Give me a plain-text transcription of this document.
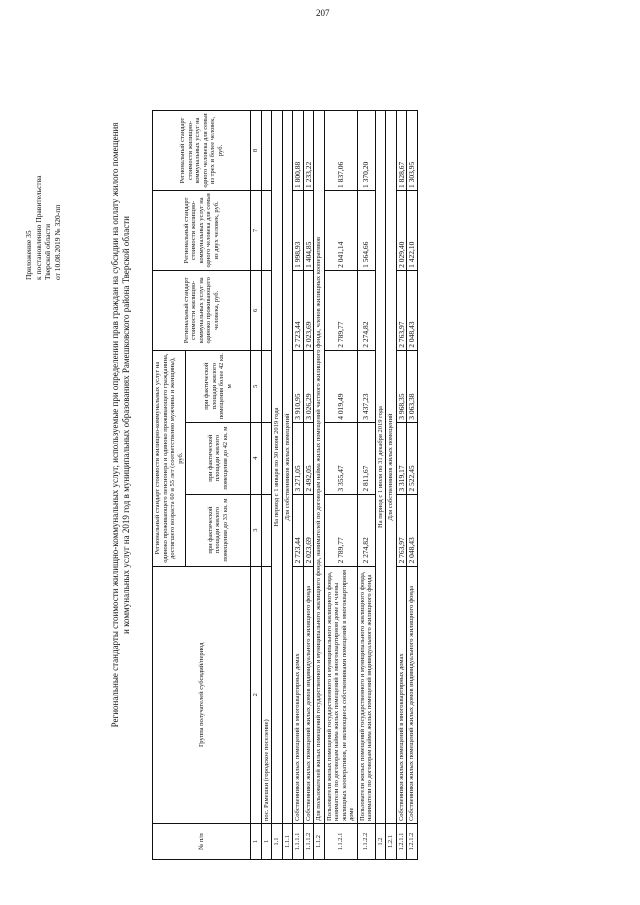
207
Приложение 35 к постановлению Правительства Тверской области от 10.08.2019 № 320-пп	Региональные стандарты стоимости жилищно-коммунальных услуг, используемые при определении прав граждан на субсидии на оплату жилого помещения и коммунальных услуг на 2019 год в муниципальных образованиях Рамешковского района Тверской области
№ п/п	Группа получателей субсидий/период	Региональный стандарт стоимости жилищно-коммунальных услуг на одиноко проживающего пенсионера и одиноко проживающего гражданина, достигшего возраста 60 и 55 лет (соответственно мужчины и женщины), руб.			Региональный стандарт стоимости жилищно-коммунальных услуг на одиноко проживающего человека, руб.	Региональный стандарт стоимости жилищно-коммунальных услуг на одного человека для семьи из двух человек, руб.	Региональный стандарт стоимости жилищно-коммунальных услуг на одного человека для семьи из трех и более человек, руб.
		при фактической площади жилого помещения до 33 кв. м	при фактической площади жилого помещения до 42 кв. м	при фактической площади жилого помещения более 42 кв. м			
1	2	3	4	5	6	7	8
1	пос. Рамешки (городское поселение)						
1.1	На период с 1 января по 30 июня 2019 года						
1.1.1	Для собственников жилых помещений						
1.1.1.1	Собственники жилых помещений в многоквартирных домах	2 723,44	3 271,05	3 910,95	2 723,44	1 998,93	1 800,88
1.1.1.2	Собственники жилых помещений жилых домов индивидуального жилищного фонда	2 023,69	2 492,05	3 026,29	2 023,69	1 404,85	1 233,22
1.1.2	Для пользователей жилых помещений государственного и муниципального жилищного фонда, нанимателей по договорам найма жилых помещений частного жилищного фонда, членов жилищных кооперативов						
1.1.2.1	Пользователи жилых помещений государственного и муниципального жилищного фонда, наниматели по договорам найма жилых помещений в многоквартирном доме и члены жилищных кооперативов, не являющиеся собственниками помещений в многоквартирном доме	2 789,77	3 355,47	4 019,49	2 789,77	2 041,14	1 837,06
1.1.2.2	Пользователи жилых помещений государственного и муниципального жилищного фонда, наниматели по договорам найма жилых помещений индивидуального жилищного фонда	2 274,82	2 811,67	3 437,23	2 274,82	1 564,66	1 370,20
1.2	На период с 1 июля по 31 декабря 2019 года						
1.2.1	Для собственников жилых помещений						
1.2.1.1	Собственники жилых помещений в многоквартирных домах	2 763,97	3 319,17	3 968,35	2 763,97	2 029,40	1 828,67
1.2.1.2	Собственники жилых помещений жилых домов индивидуального жилищного фонда	2 048,43	2 522,45	3 063,38	2 048,43	1 422,10	1 303,95
